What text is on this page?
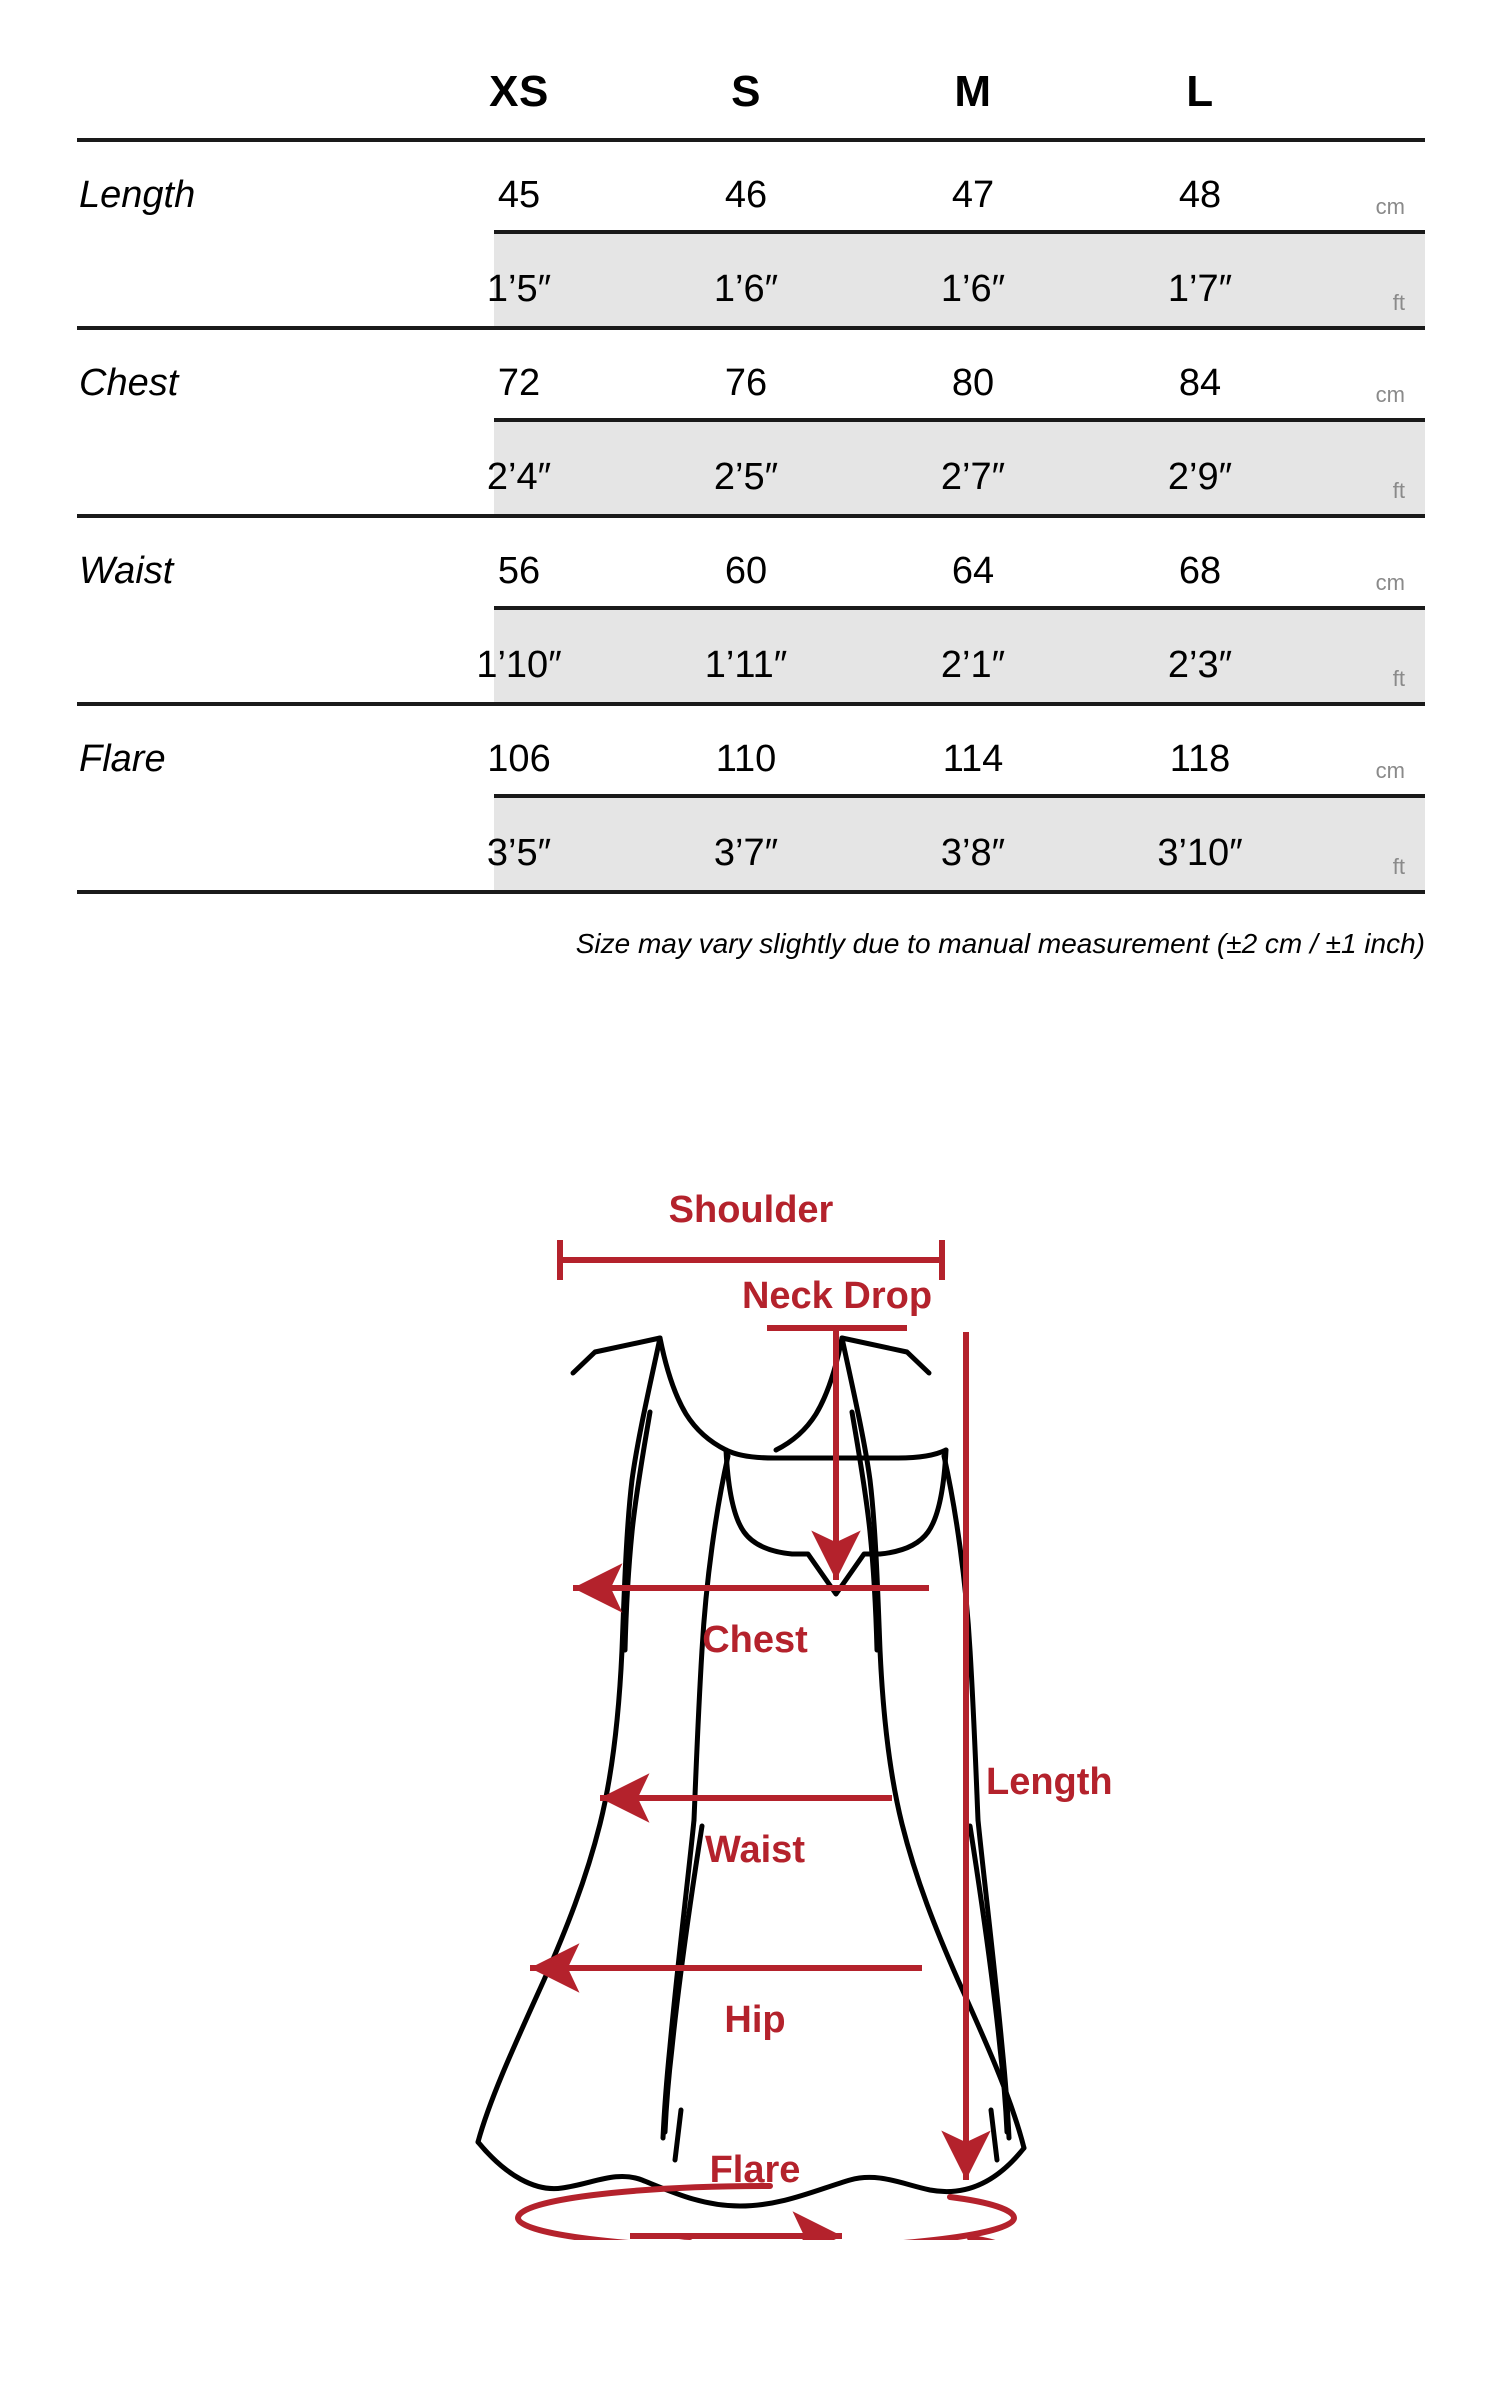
XS	S	M	L
Length	45	46	47	48	cm
1’5″	1’6″	1’6″	1’7″	ft
Chest	72	76	80	84	cm
2’4″	2’5″	2’7″	2’9″	ft
Waist	56	60	64	68	cm
1’10″	1’11″	2’1″	2’3″	ft
Flare	106	110	114	118	cm
3’5″	3’7″	3’8″	3’10″	ft
Size may vary slightly due to manual measurement (±2 cm / ±1 inch)
Shoulder
Neck Drop
Chest
Waist
Hip
Length
Flare
